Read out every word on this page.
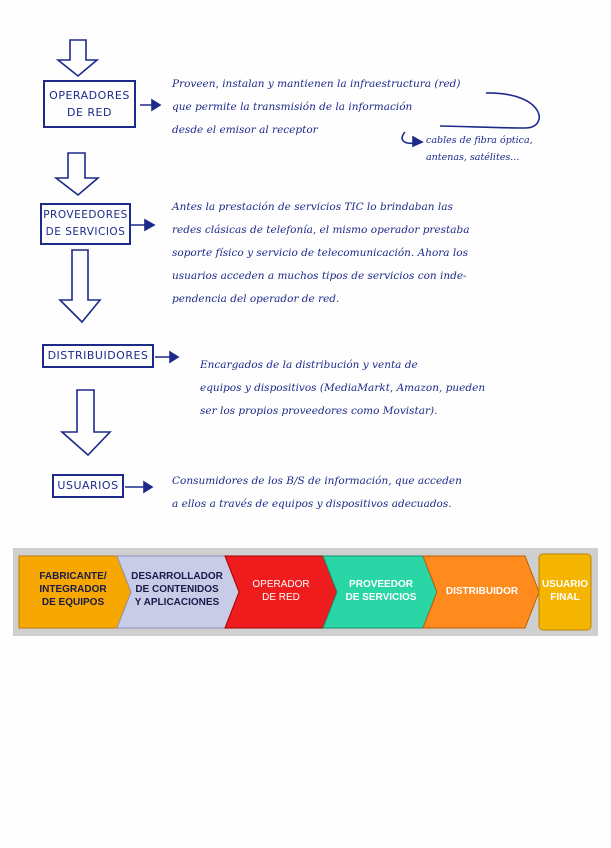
OPERADORES
DE RED
Proveen, instalan y mantienen la infraestructura (red)
que permite la transmisión de la información
desde el emisor al receptor
cables de fibra óptica,
antenas, satélites...
PROVEEDORES
DE SERVICIOS
Antes la prestación de servicios TIC lo brindaban las
redes clásicas de telefonía, el mismo operador prestaba
soporte físico y servicio de telecomunicación. Ahora los
usuarios acceden a muchos tipos de servicios con inde-
pendencia del operador de red.
DISTRIBUIDORES
Encargados de la distribución y venta de
equipos y dispositivos (MediaMarkt, Amazon, pueden
ser los propios proveedores como Movistar).
USUARIOS	Consumidores de los B/S de información, que acceden
a ellos a través de equipos y dispositivos adecuados.
FABRICANTE/
INTEGRADOR
DE EQUIPOS
DESARROLLADOR
DE CONTENIDOS
Y APLICACIONES
OPERADOR
DE RED
PROVEEDOR
DE SERVICIOS
DISTRIBUIDOR
USUARIO
FINAL
